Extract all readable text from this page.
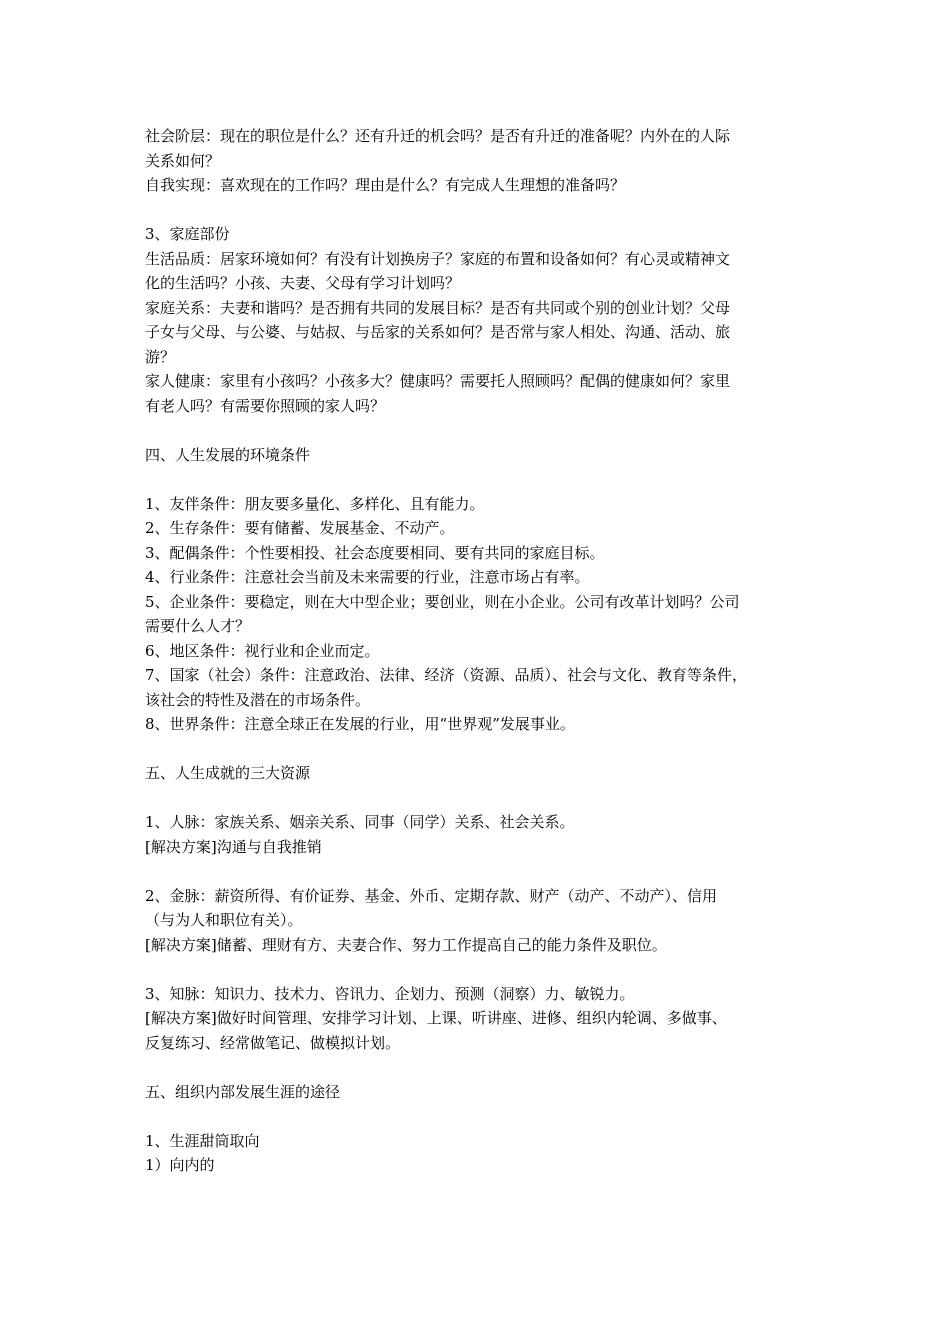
社会阶层：现在的职位是什么？还有升迁的机会吗？是否有升迁的准备呢？内外在的人际
关系如何？
自我实现：喜欢现在的工作吗？理由是什么？有完成人生理想的准备吗？
3、家庭部份
生活品质：居家环境如何？有没有计划换房子？家庭的布置和设备如何？有心灵或精神文
化的生活吗？小孩、夫妻、父母有学习计划吗？
家庭关系：夫妻和谐吗？是否拥有共同的发展目标？是否有共同或个别的创业计划？父母
子女与父母、与公婆、与姑叔、与岳家的关系如何？是否常与家人相处、沟通、活动、旅
游？
家人健康：家里有小孩吗？小孩多大？健康吗？需要托人照顾吗？配偶的健康如何？家里
有老人吗？有需要你照顾的家人吗？
四、人生发展的环境条件
1、友伴条件：朋友要多量化、多样化、且有能力。
2、生存条件：要有储蓄、发展基金、不动产。
3、配偶条件：个性要相投、社会态度要相同、要有共同的家庭目标。
4、行业条件：注意社会当前及未来需要的行业，注意市场占有率。
5、企业条件：要稳定，则在大中型企业；要创业，则在小企业。公司有改革计划吗？公司
需要什么人才？
6、地区条件：视行业和企业而定。
7、国家（社会）条件：注意政治、法律、经济（资源、品质）、社会与文化、教育等条件，
该社会的特性及潜在的市场条件。
8、世界条件：注意全球正在发展的行业，用“世界观”发展事业。
五、人生成就的三大资源
1、人脉：家族关系、姻亲关系、同事（同学）关系、社会关系。
[解决方案]沟通与自我推销
2、金脉：薪资所得、有价证券、基金、外币、定期存款、财产（动产、不动产）、信用
（与为人和职位有关）。
[解决方案]储蓄、理财有方、夫妻合作、努力工作提高自己的能力条件及职位。
3、知脉：知识力、技术力、咨讯力、企划力、预测（洞察）力、敏锐力。
[解决方案]做好时间管理、安排学习计划、上课、听讲座、进修、组织内轮调、多做事、
反复练习、经常做笔记、做模拟计划。
五、组织内部发展生涯的途径
1、生涯甜筒取向
1）向内的
